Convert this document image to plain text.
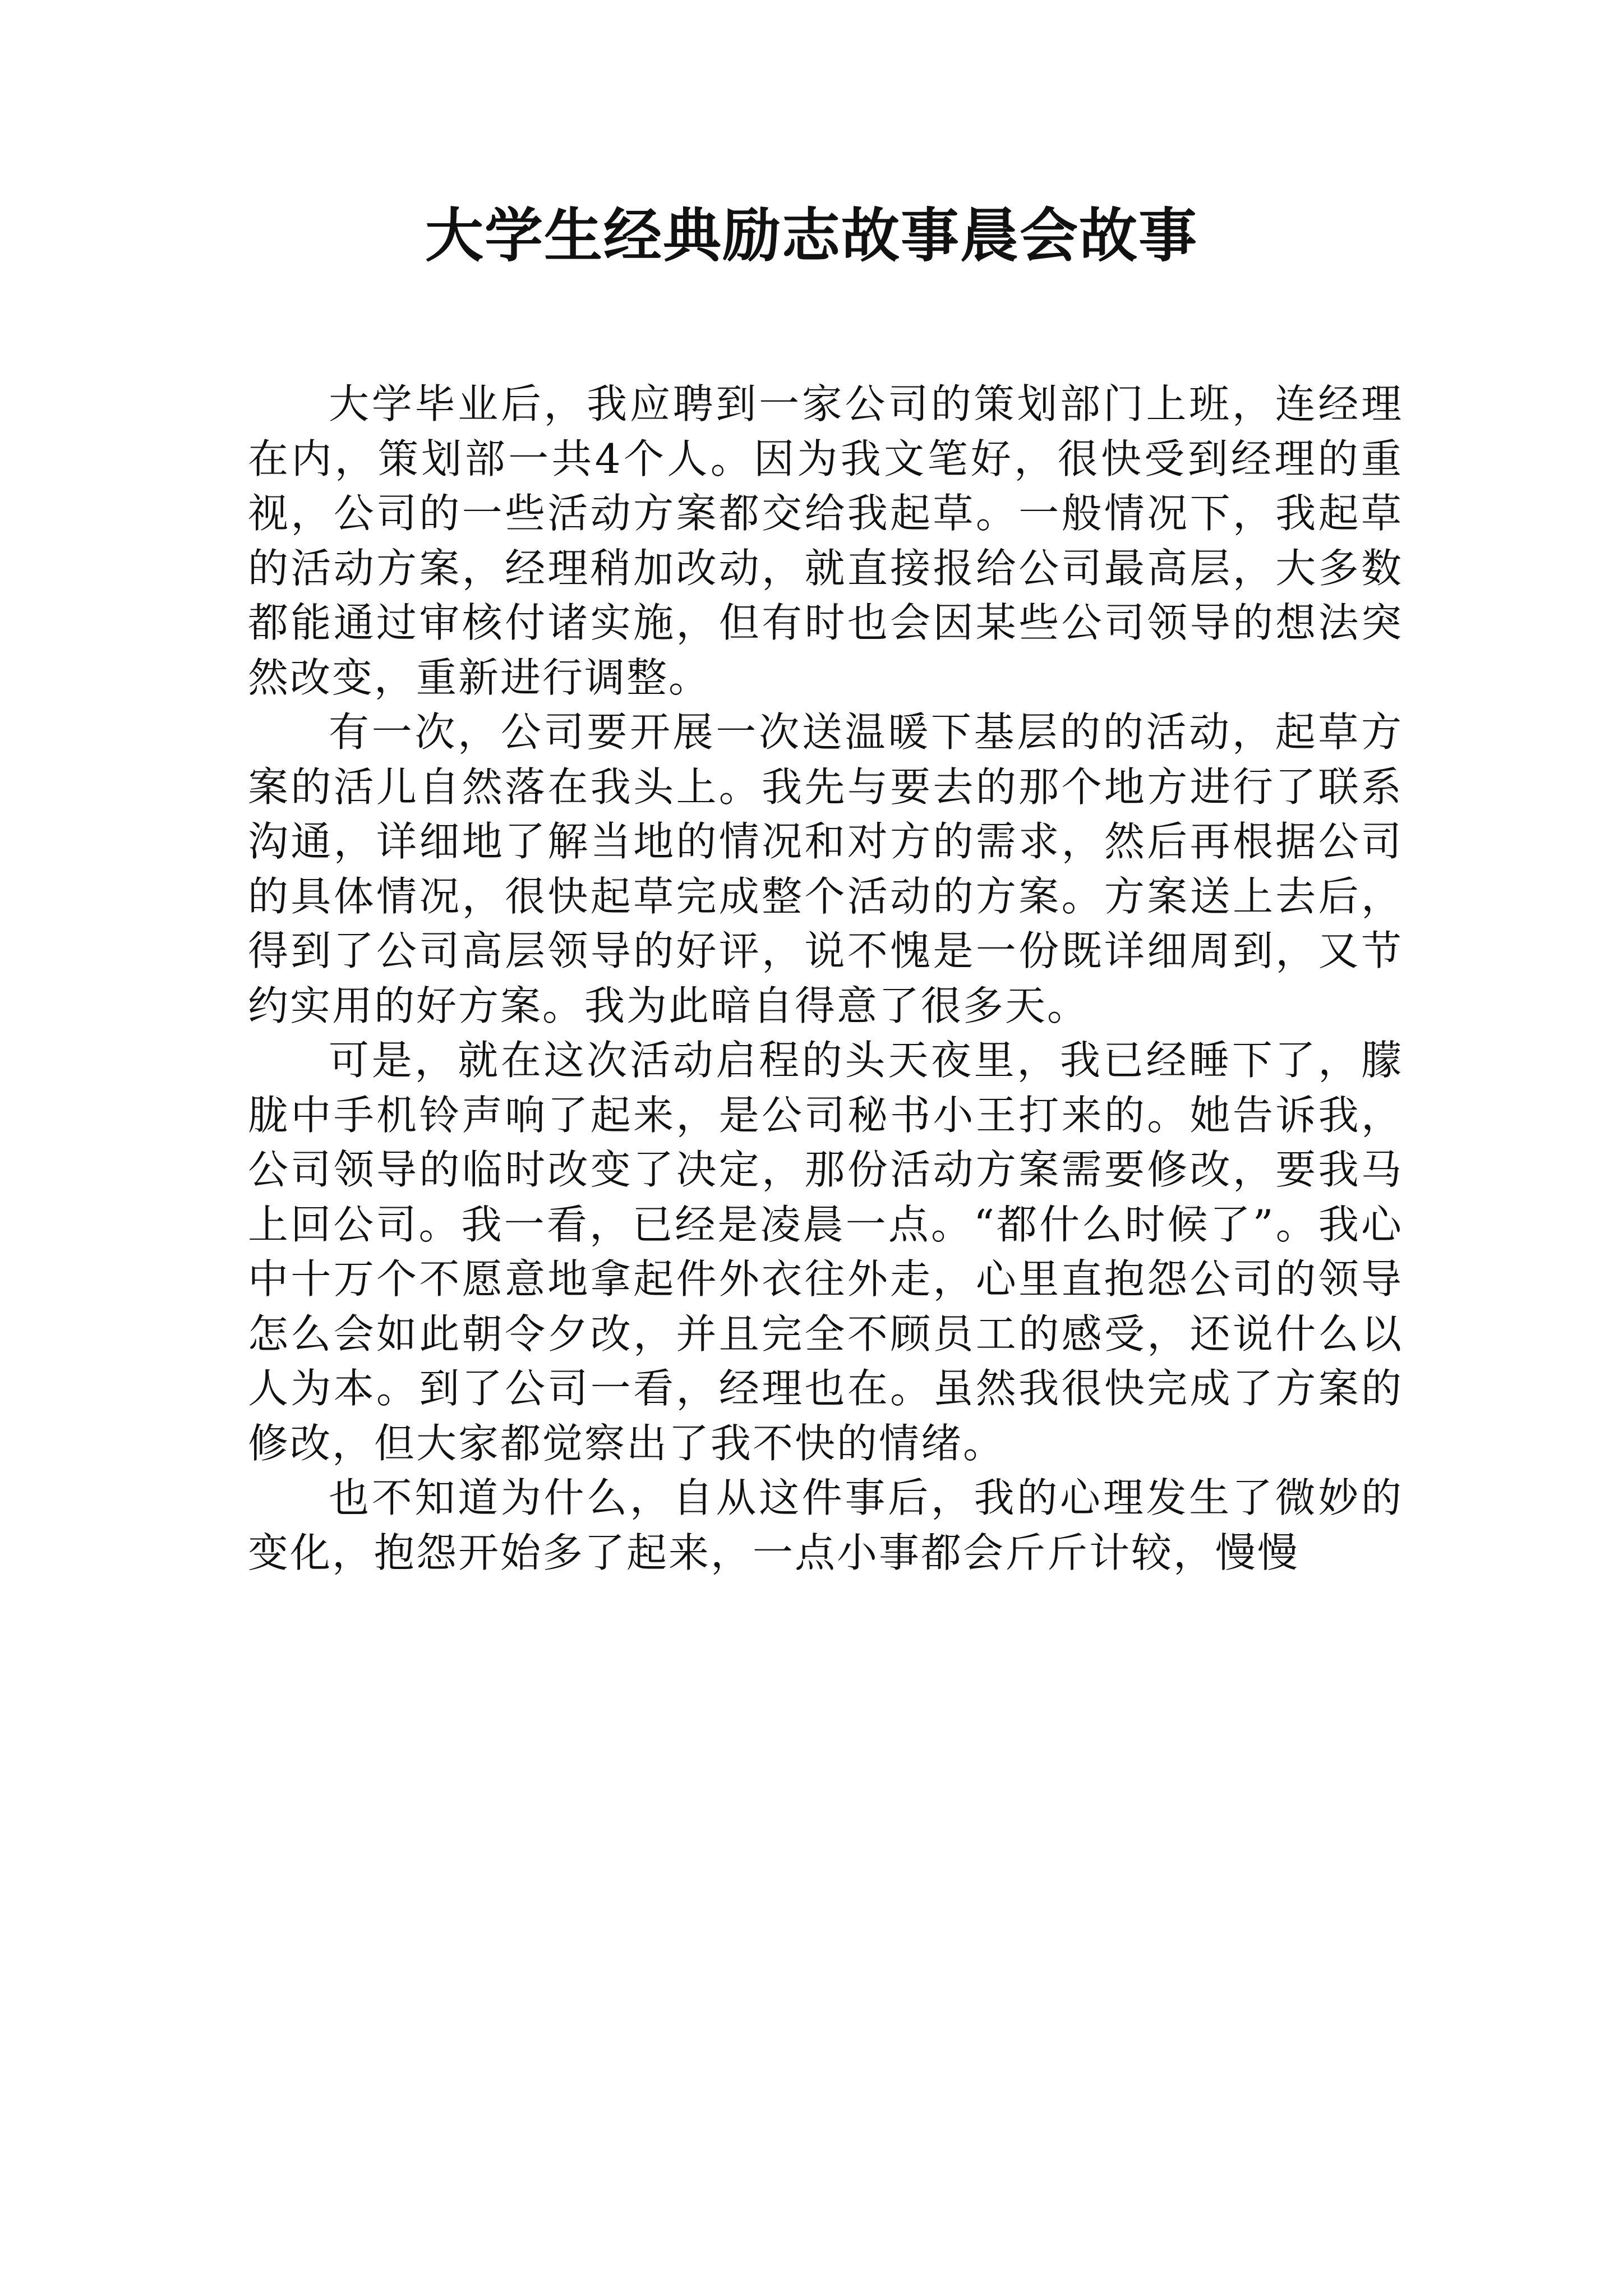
大学生经典励志故事晨会故事

大学毕业后，我应聘到一家公司的策划部门上班，连经理在内，策划部一共4个人。因为我文笔好，很快受到经理的重视，公司的一些活动方案都交给我起草。一般情况下，我起草的活动方案，经理稍加改动，就直接报给公司最高层，大多数都能通过审核付诸实施，但有时也会因某些公司领导的想法突然改变，重新进行调整。

有一次，公司要开展一次送温暖下基层的的活动，起草方案的活儿自然落在我头上。我先与要去的那个地方进行了联系沟通，详细地了解当地的情况和对方的需求，然后再根据公司的具体情况，很快起草完成整个活动的方案。方案送上去后，得到了公司高层领导的好评，说不愧是一份既详细周到，又节约实用的好方案。我为此暗自得意了很多天。

可是，就在这次活动启程的头天夜里，我已经睡下了，朦胧中手机铃声响了起来，是公司秘书小王打来的。她告诉我，公司领导的临时改变了决定，那份活动方案需要修改，要我马上回公司。我一看，已经是凌晨一点。“都什么时候了”。我心中十万个不愿意地拿起件外衣往外走，心里直抱怨公司的领导怎么会如此朝令夕改，并且完全不顾员工的感受，还说什么以人为本。到了公司一看，经理也在。虽然我很快完成了方案的修改，但大家都觉察出了我不快的情绪。

也不知道为什么，自从这件事后，我的心理发生了微妙的变化，抱怨开始多了起来，一点小事都会斤斤计较，慢慢
